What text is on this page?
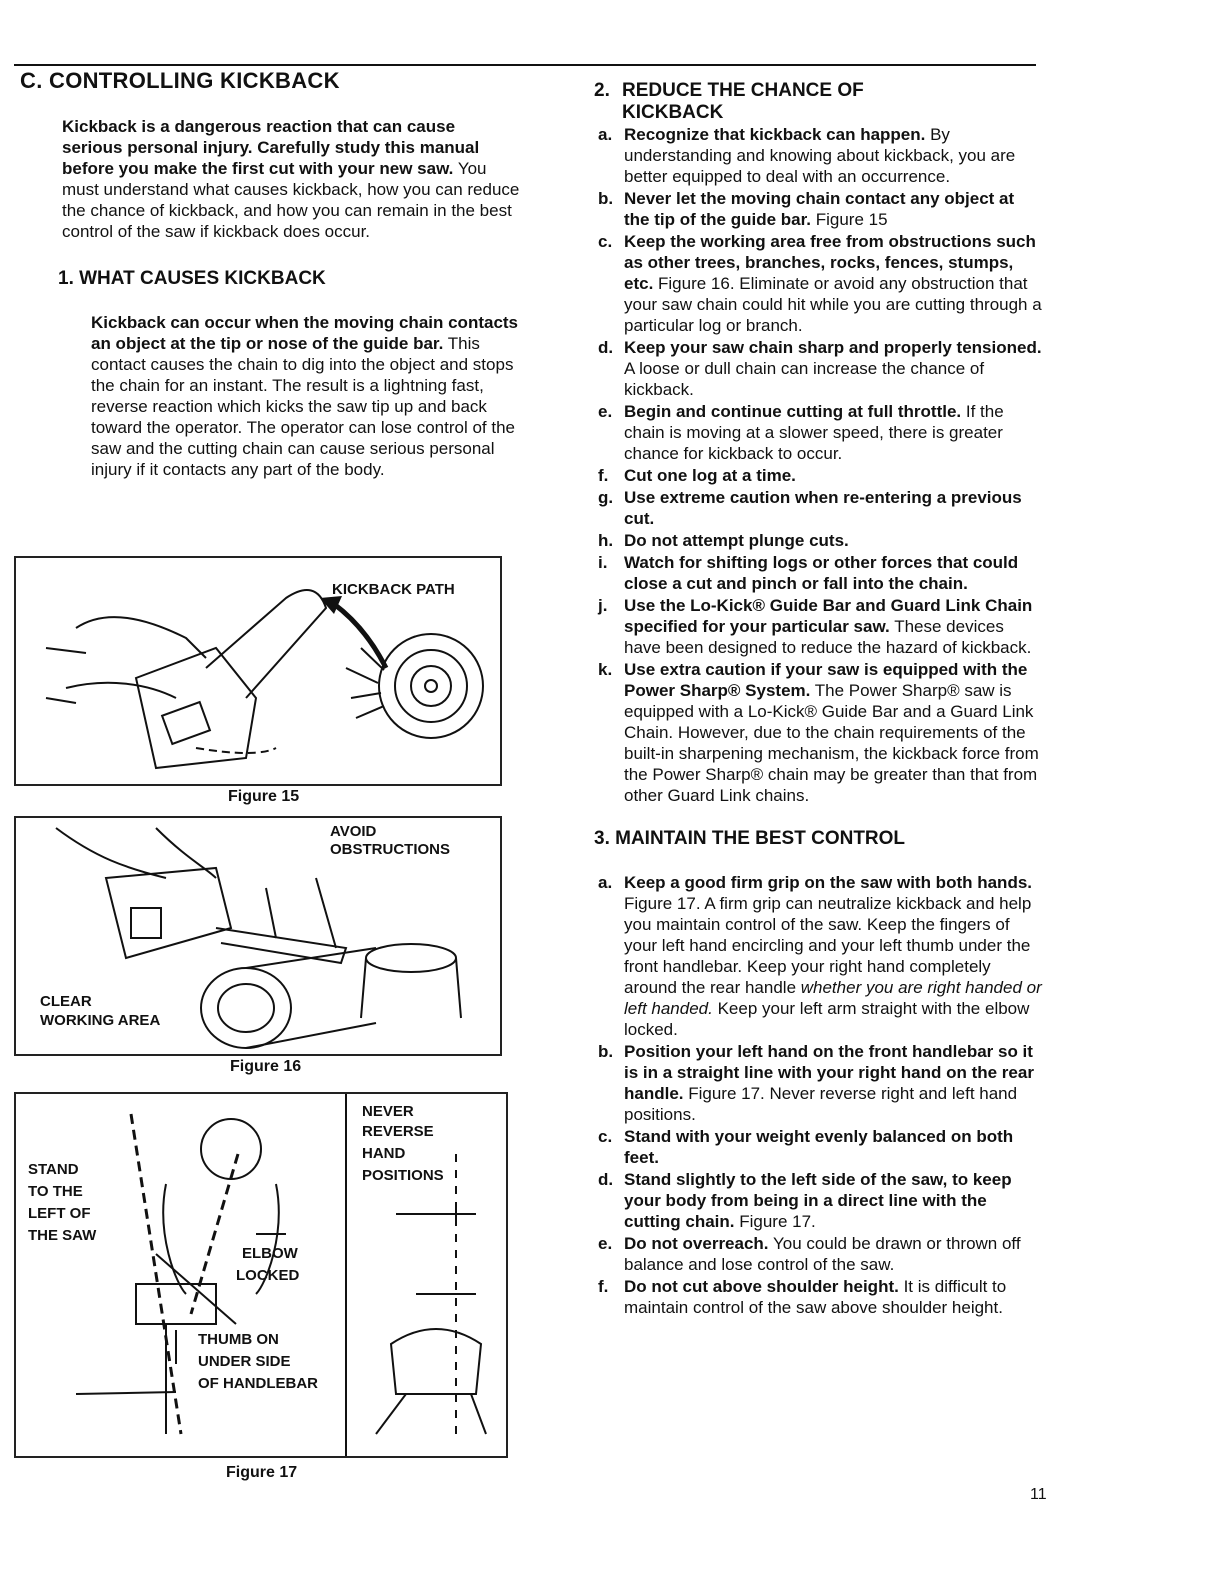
C. CONTROLLING KICKBACK
Kickback is a dangerous reaction that can cause serious personal injury. Carefully study this manual before you make the first cut with your new saw. You must understand what causes kickback, how you can reduce the chance of kickback, and how you can remain in the best control of the saw if kickback does occur.
1. WHAT CAUSES KICKBACK
Kickback can occur when the moving chain contacts an object at the tip or nose of the guide bar. This contact causes the chain to dig into the object and stops the chain for an instant. The result is a lightning fast, reverse reaction which kicks the saw tip up and back toward the operator. The operator can lose control of the saw and the cutting chain can cause serious personal injury if it contacts any part of the body.
KICKBACK PATH
Figure 15
AVOID
OBSTRUCTIONS
CLEAR
WORKING AREA
Figure 16
STAND
TO THE
LEFT OF
THE SAW
ELBOW
LOCKED
THUMB ON
UNDER SIDE
OF HANDLEBAR
NEVER
REVERSE
HAND
POSITIONS
Figure 17
2. REDUCE THE CHANCE OF
KICKBACK
a. Recognize that kickback can happen. By understanding and knowing about kickback, you are better equipped to deal with an occurrence.
b. Never let the moving chain contact any object at the tip of the guide bar. Figure 15
c. Keep the working area free from obstructions such as other trees, branches, rocks, fences, stumps, etc. Figure 16. Eliminate or avoid any obstruction that your saw chain could hit while you are cutting through a particular log or branch.
d. Keep your saw chain sharp and properly tensioned. A loose or dull chain can increase the chance of kickback.
e. Begin and continue cutting at full throttle. If the chain is moving at a slower speed, there is greater chance for kickback to occur.
f. Cut one log at a time.
g. Use extreme caution when re-entering a previous cut.
h. Do not attempt plunge cuts.
i. Watch for shifting logs or other forces that could close a cut and pinch or fall into the chain.
j. Use the Lo-Kick® Guide Bar and Guard Link Chain specified for your particular saw. These devices have been designed to reduce the hazard of kickback.
k. Use extra caution if your saw is equipped with the Power Sharp® System. The Power Sharp® saw is equipped with a Lo-Kick® Guide Bar and a Guard Link Chain. However, due to the chain requirements of the built-in sharpening mechanism, the kickback force from the Power Sharp® chain may be greater than that from other Guard Link chains.
3. MAINTAIN THE BEST CONTROL
a. Keep a good firm grip on the saw with both hands. Figure 17. A firm grip can neutralize kickback and help you maintain control of the saw. Keep the fingers of your left hand encircling and your left thumb under the front handlebar. Keep your right hand completely around the rear handle whether you are right handed or left handed. Keep your left arm straight with the elbow locked.
b. Position your left hand on the front handlebar so it is in a straight line with your right hand on the rear handle. Figure 17. Never reverse right and left hand positions.
c. Stand with your weight evenly balanced on both feet.
d. Stand slightly to the left side of the saw, to keep your body from being in a direct line with the cutting chain. Figure 17.
e. Do not overreach. You could be drawn or thrown off balance and lose control of the saw.
f. Do not cut above shoulder height. It is difficult to maintain control of the saw above shoulder height.
11
